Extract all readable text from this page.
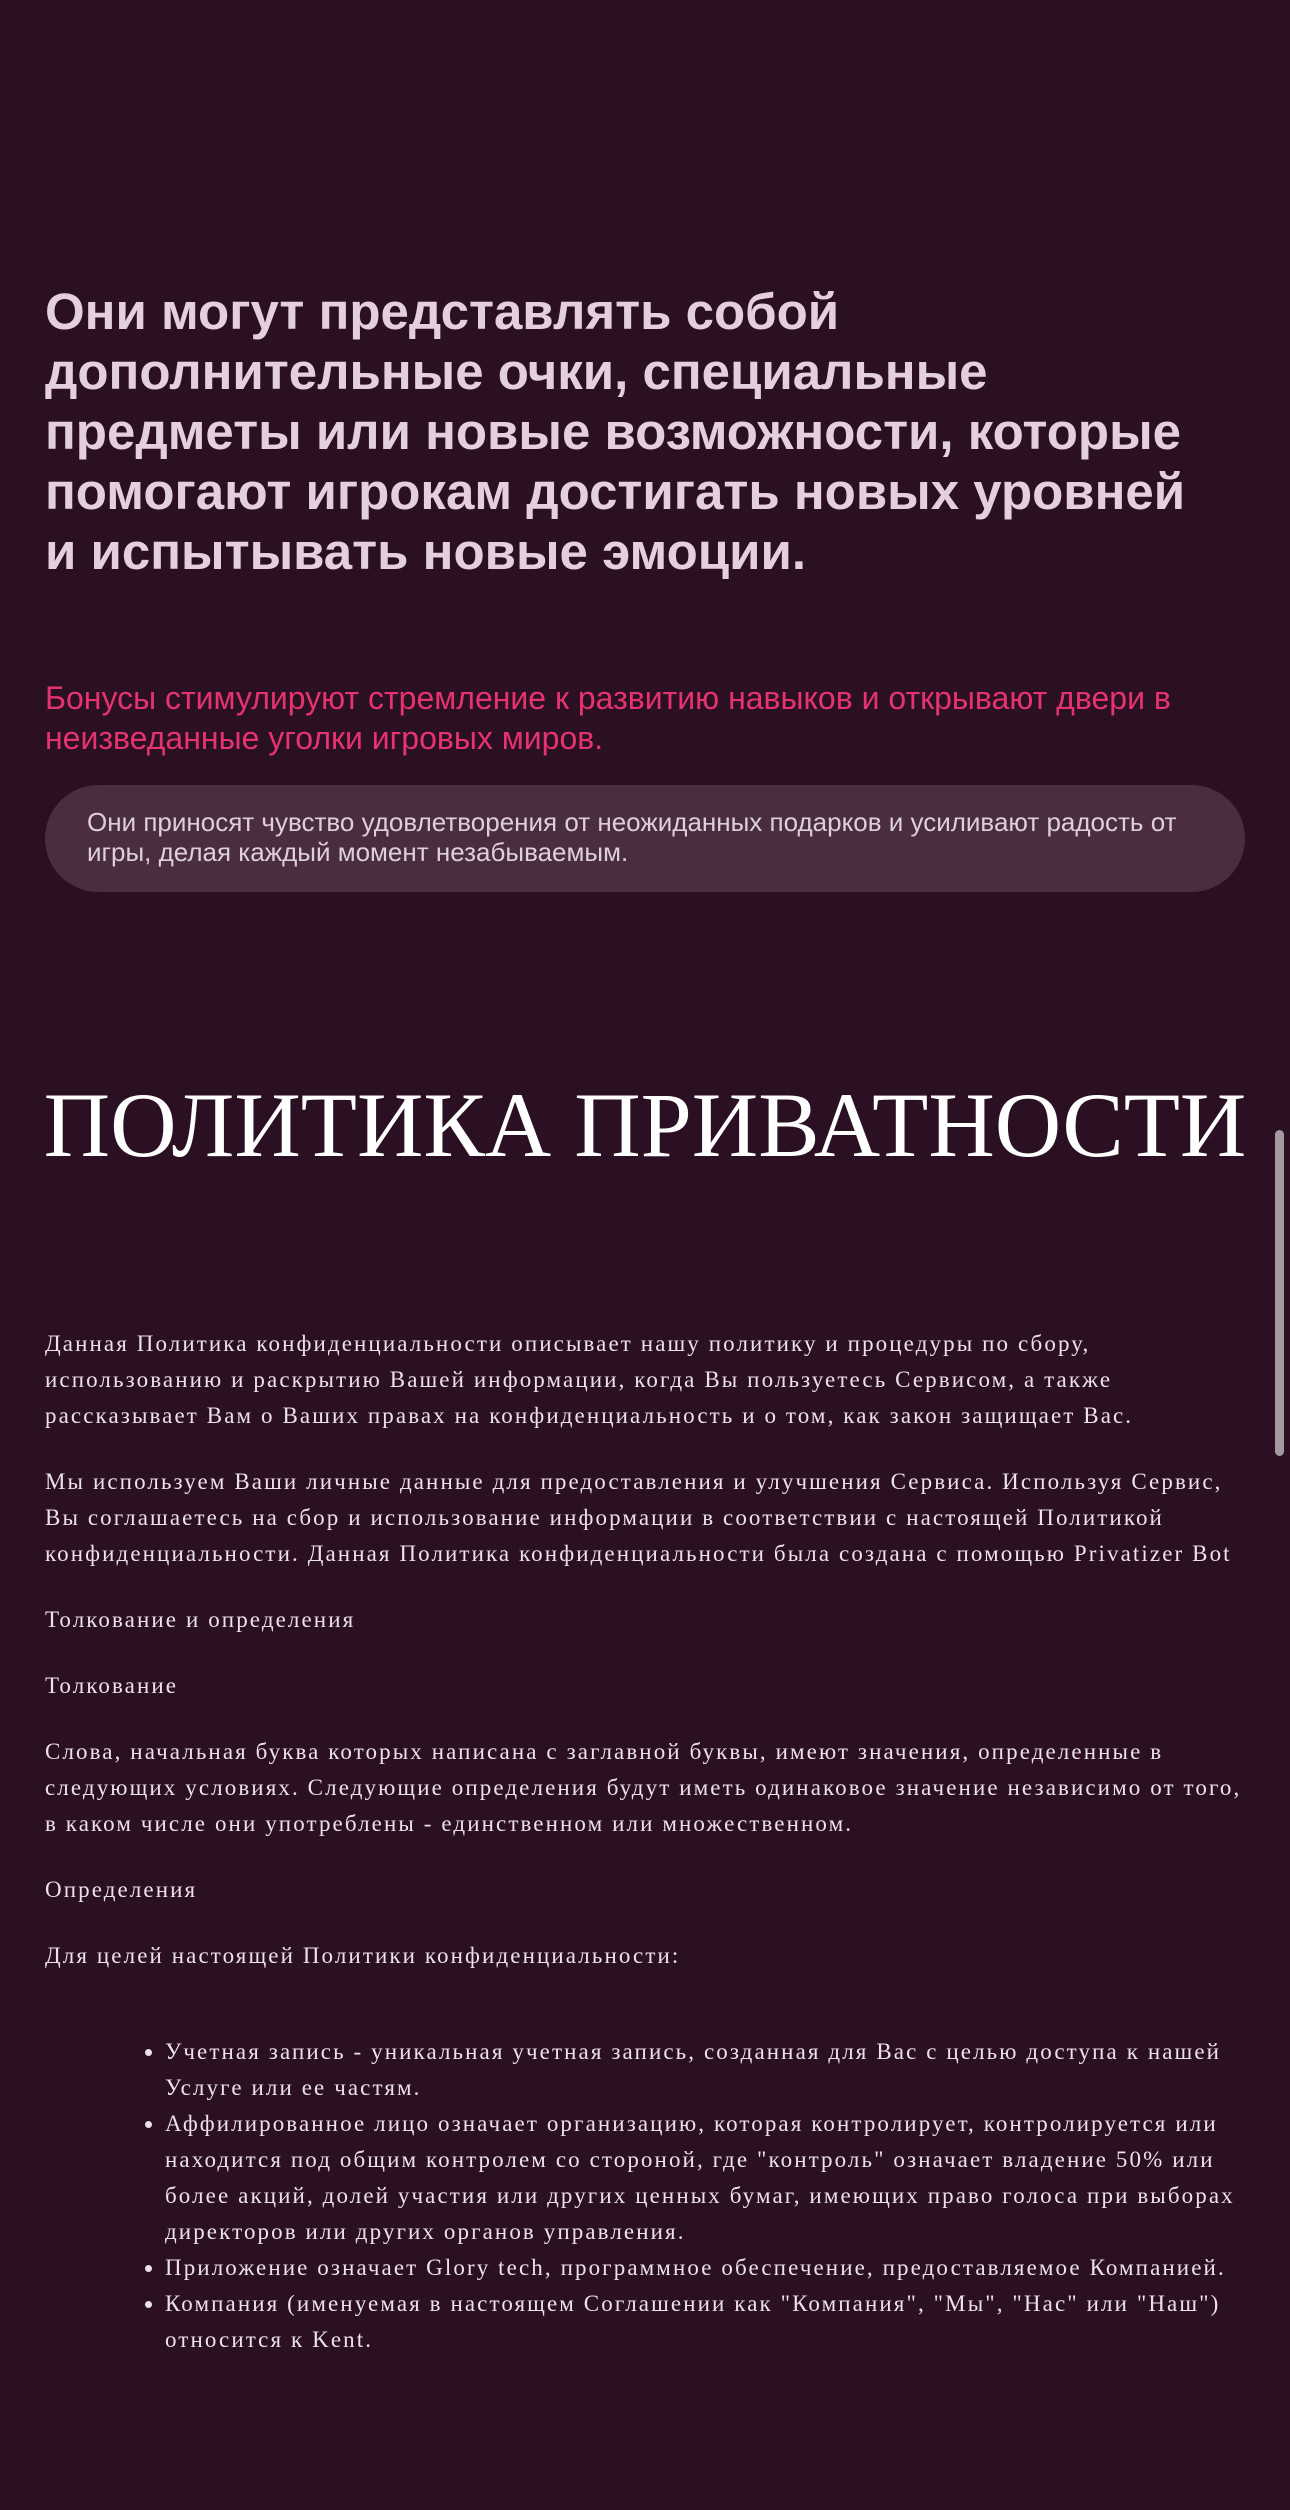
Они могут представлять собой дополнительные очки, специальные предметы или новые возможности, которые помогают игрокам достигать новых уровней и испытывать новые эмоции.

Бонусы стимулируют стремление к развитию навыков и открывают двери в неизведанные уголки игровых миров.

Они приносят чувство удовлетворения от неожиданных подарков и усиливают радость от игры, делая каждый момент незабываемым.

ПОЛИТИКА ПРИВАТНОСТИ

Данная Политика конфиденциальности описывает нашу политику и процедуры по сбору, использованию и раскрытию Вашей информации, когда Вы пользуетесь Сервисом, а также рассказывает Вам о Ваших правах на конфиденциальность и о том, как закон защищает Вас.

Мы используем Ваши личные данные для предоставления и улучшения Сервиса. Используя Сервис, Вы соглашаетесь на сбор и использование информации в соответствии с настоящей Политикой конфиденциальности. Данная Политика конфиденциальности была создана с помощью Privatizer Bot

Толкование и определения

Толкование

Слова, начальная буква которых написана с заглавной буквы, имеют значения, определенные в следующих условиях. Следующие определения будут иметь одинаковое значение независимо от того, в каком числе они употреблены - единственном или множественном.

Определения

Для целей настоящей Политики конфиденциальности:

• Учетная запись - уникальная учетная запись, созданная для Вас с целью доступа к нашей Услуге или ее частям.
• Аффилированное лицо означает организацию, которая контролирует, контролируется или находится под общим контролем со стороной, где "контроль" означает владение 50% или более акций, долей участия или других ценных бумаг, имеющих право голоса при выборах директоров или других органов управления.
• Приложение означает Glory tech, программное обеспечение, предоставляемое Компанией.
• Компания (именуемая в настоящем Соглашении как "Компания", "Мы", "Нас" или "Наш") относится к Kent.
